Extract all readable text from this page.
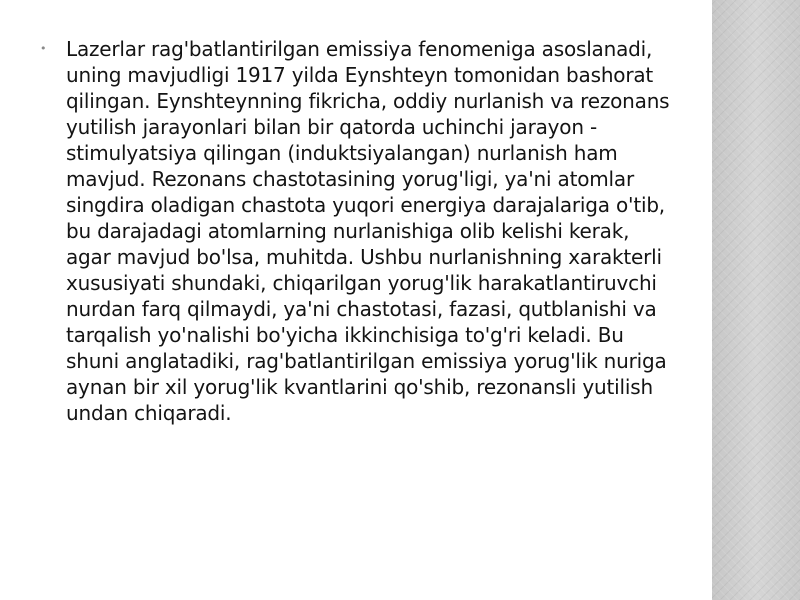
• Lazerlar rag'batlantirilgan emissiya fenomeniga asoslanadi, uning mavjudligi 1917 yilda Eynshteyn tomonidan bashorat qilingan. Eynshteynning fikricha, oddiy nurlanish va rezonans yutilish jarayonlari bilan bir qatorda uchinchi jarayon - stimulyatsiya qilingan (induktsiyalangan) nurlanish ham mavjud. Rezonans chastotasining yorug'ligi, ya'ni atomlar singdira oladigan chastota yuqori energiya darajalariga o'tib, bu darajadagi atomlarning nurlanishiga olib kelishi kerak, agar mavjud bo'lsa, muhitda. Ushbu nurlanishning xarakterli xususiyati shundaki, chiqarilgan yorug'lik harakatlantiruvchi nurdan farq qilmaydi, ya'ni chastotasi, fazasi, qutblanishi va tarqalish yo'nalishi bo'yicha ikkinchisiga to'g'ri keladi. Bu shuni anglatadiki, rag'batlantirilgan emissiya yorug'lik nuriga aynan bir xil yorug'lik kvantlarini qo'shib, rezonansli yutilish undan chiqaradi.
